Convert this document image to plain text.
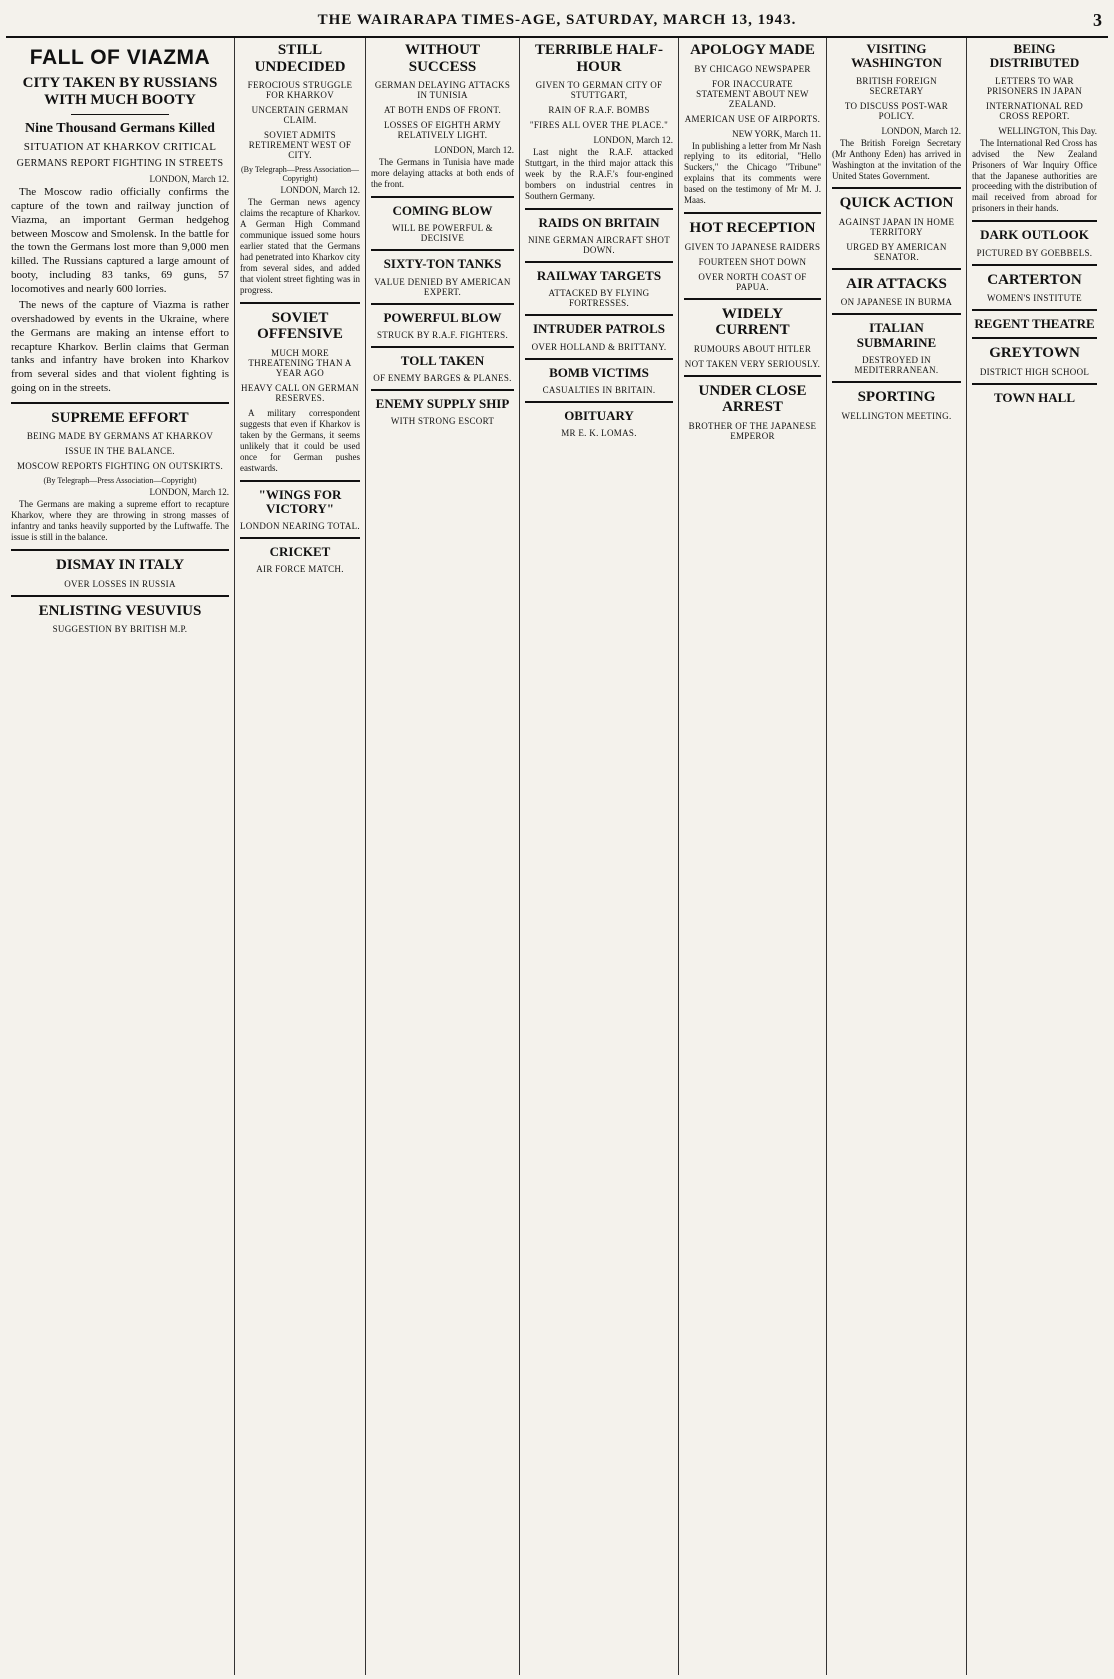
THE WAIRARAPA TIMES-AGE, SATURDAY, MARCH 13, 1943.	3
FALL OF VIAZMA
CITY TAKEN BY RUSSIANS WITH MUCH BOOTY
Nine Thousand Germans Killed
SITUATION AT KHARKOV CRITICAL
GERMANS REPORT FIGHTING IN STREETS
LONDON, March 12.

The Moscow radio officially confirms the capture of the town and railway junction of Viazma, an important German hedgehog between Moscow and Smolensk. In the battle for the town the Germans lost more than 9,000 men killed. The Russians captured a large amount of booty, including 83 tanks, 69 guns, 57 locomotives and nearly 600 lorries.

The news of the capture of Viazma is rather overshadowed by events in the Ukraine, where the Germans are making an intense effort to recapture Kharkov. Berlin claims that German tanks and infantry have broken into Kharkov from several sides and that violent fighting is going on in the streets.

SUPREME EFFORT
BEING MADE BY GERMANS AT KHARKOV
ISSUE IN THE BALANCE.
MOSCOW REPORTS FIGHTING ON OUTSKIRTS.
(By Telegraph—Press Association—Copyright)
LONDON, March 12.

The Germans are making a supreme effort to recapture Kharkov, where they are throwing in strong masses of infantry and tanks heavily supported by the Luftwaffe. The issue is still in the balance.

DISMAY IN ITALY
OVER LOSSES IN RUSSIA
ENLISTING VESUVIUS
SUGGESTION BY BRITISH M.P.
STILL UNDECIDED
FEROCIOUS STRUGGLE FOR KHARKOV
UNCERTAIN GERMAN CLAIM.
SOVIET ADMITS RETIREMENT WEST OF CITY.
(By Telegraph—Press Association—Copyright)
LONDON, March 12.

The German news agency claims the recapture of Kharkov. A German High Command communique issued some hours earlier stated that the Germans had penetrated into Kharkov city from several sides, and added that violent street fighting was in progress.

SOVIET OFFENSIVE
MUCH MORE THREATENING THAN A YEAR AGO
HEAVY CALL ON GERMAN RESERVES.

A military correspondent suggests that even if Kharkov is taken by the Germans, it seems unlikely that it could be used once for German pushes eastwards.

"WINGS FOR VICTORY"
LONDON NEARING TOTAL.
CRICKET
AIR FORCE MATCH.
WITHOUT SUCCESS
GERMAN DELAYING ATTACKS IN TUNISIA
AT BOTH ENDS OF FRONT.
LOSSES OF EIGHTH ARMY RELATIVELY LIGHT.
LONDON, March 12.

The Germans in Tunisia have made more delaying attacks at both ends of the front.

COMING BLOW
WILL BE POWERFUL & DECISIVE
SIXTY-TON TANKS
VALUE DENIED BY AMERICAN EXPERT.
POWERFUL BLOW
STRUCK BY R.A.F. FIGHTERS.
TOLL TAKEN
OF ENEMY BARGES & PLANES.
ENEMY SUPPLY SHIP
WITH STRONG ESCORT
TERRIBLE HALF-HOUR
GIVEN TO GERMAN CITY OF STUTTGART,
RAIN OF R.A.F. BOMBS
"FIRES ALL OVER THE PLACE."
LONDON, March 12.

Last night the R.A.F. attacked Stuttgart, in the third major attack this week by the R.A.F.'s four-engined bombers on industrial centres in Southern Germany.

RAIDS ON BRITAIN
NINE GERMAN AIRCRAFT SHOT DOWN.
RAILWAY TARGETS
ATTACKED BY FLYING FORTRESSES.
INTRUDER PATROLS
OVER HOLLAND & BRITTANY.
BOMB VICTIMS
CASUALTIES IN BRITAIN.
OBITUARY
MR E. K. LOMAS.
APOLOGY MADE
BY CHICAGO NEWSPAPER
FOR INACCURATE STATEMENT ABOUT NEW ZEALAND.
AMERICAN USE OF AIRPORTS.
NEW YORK, March 11.

In publishing a letter from Mr Nash replying to its editorial, "Hello Suckers," the Chicago "Tribune" explains that its comments were based on the testimony of Mr M. J. Maas.

HOT RECEPTION
GIVEN TO JAPANESE RAIDERS
FOURTEEN SHOT DOWN
OVER NORTH COAST OF PAPUA.
WIDELY CURRENT
RUMOURS ABOUT HITLER
NOT TAKEN VERY SERIOUSLY.
UNDER CLOSE ARREST
BROTHER OF THE JAPANESE EMPEROR
VISITING WASHINGTON
BRITISH FOREIGN SECRETARY
TO DISCUSS POST-WAR POLICY.
LONDON, March 12.

The British Foreign Secretary (Mr Anthony Eden) has arrived in Washington at the invitation of the United States Government.

QUICK ACTION
AGAINST JAPAN IN HOME TERRITORY
URGED BY AMERICAN SENATOR.
AIR ATTACKS
ON JAPANESE IN BURMA
ITALIAN SUBMARINE
DESTROYED IN MEDITERRANEAN.
SPORTING
WELLINGTON MEETING.
BEING DISTRIBUTED
LETTERS TO WAR PRISONERS IN JAPAN
INTERNATIONAL RED CROSS REPORT.
WELLINGTON, This Day.

The International Red Cross has advised the New Zealand Prisoners of War Inquiry Office that the Japanese authorities are proceeding with the distribution of mail received from abroad for prisoners in their hands.

DARK OUTLOOK
PICTURED BY GOEBBELS.
CARTERTON
WOMEN'S INSTITUTE
REGENT THEATRE
GREYTOWN
DISTRICT HIGH SCHOOL
TOWN HALL
